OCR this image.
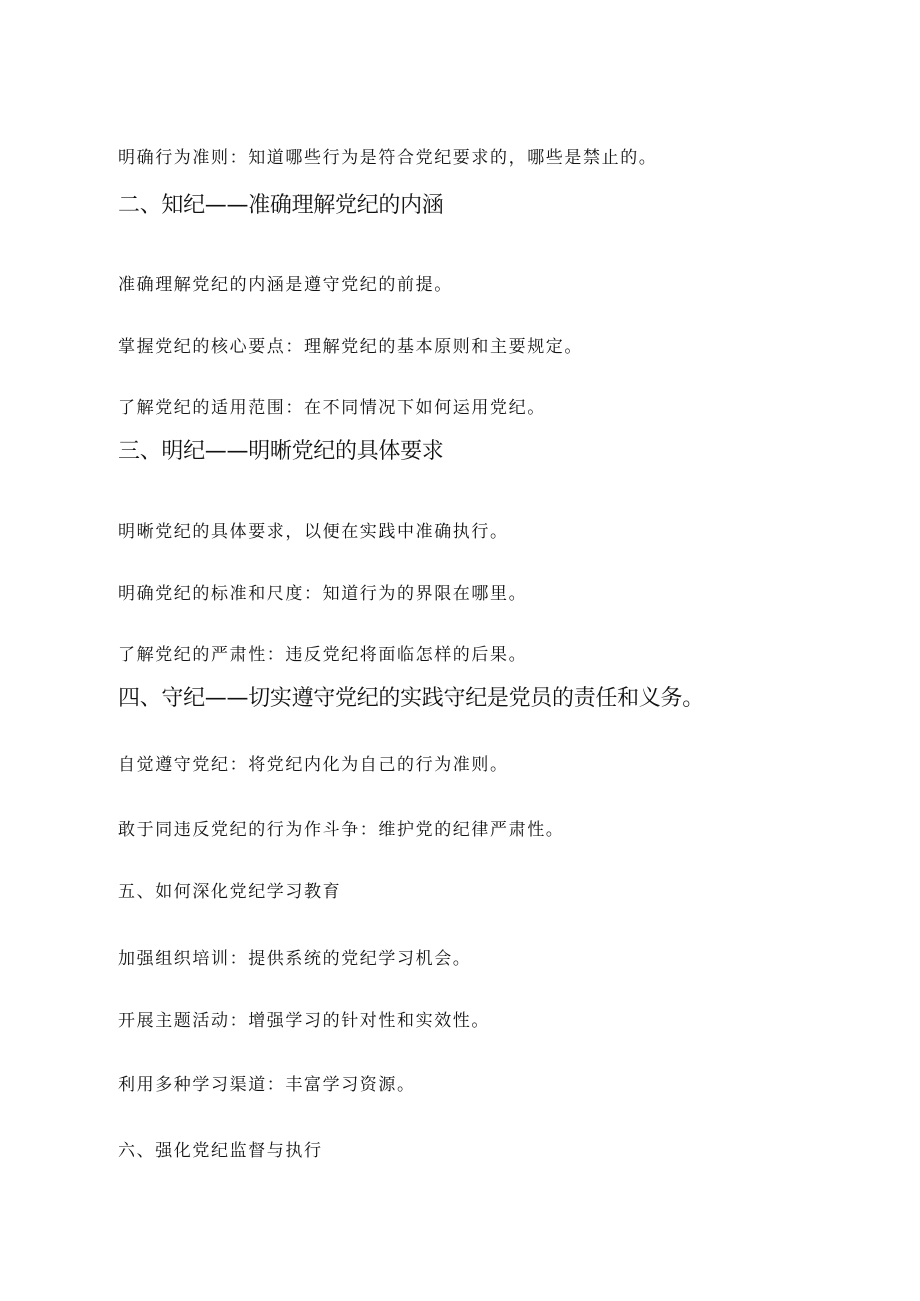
明确行为准则：知道哪些行为是符合党纪要求的，哪些是禁止的。

二、知纪——准确理解党纪的内涵

准确理解党纪的内涵是遵守党纪的前提。

掌握党纪的核心要点：理解党纪的基本原则和主要规定。

了解党纪的适用范围：在不同情况下如何运用党纪。

三、明纪——明晰党纪的具体要求

明晰党纪的具体要求，以便在实践中准确执行。

明确党纪的标准和尺度：知道行为的界限在哪里。

了解党纪的严肃性：违反党纪将面临怎样的后果。

四、守纪——切实遵守党纪的实践守纪是党员的责任和义务。

自觉遵守党纪：将党纪内化为自己的行为准则。

敢于同违反党纪的行为作斗争：维护党的纪律严肃性。

五、如何深化党纪学习教育

加强组织培训：提供系统的党纪学习机会。

开展主题活动：增强学习的针对性和实效性。

利用多种学习渠道：丰富学习资源。

六、强化党纪监督与执行
